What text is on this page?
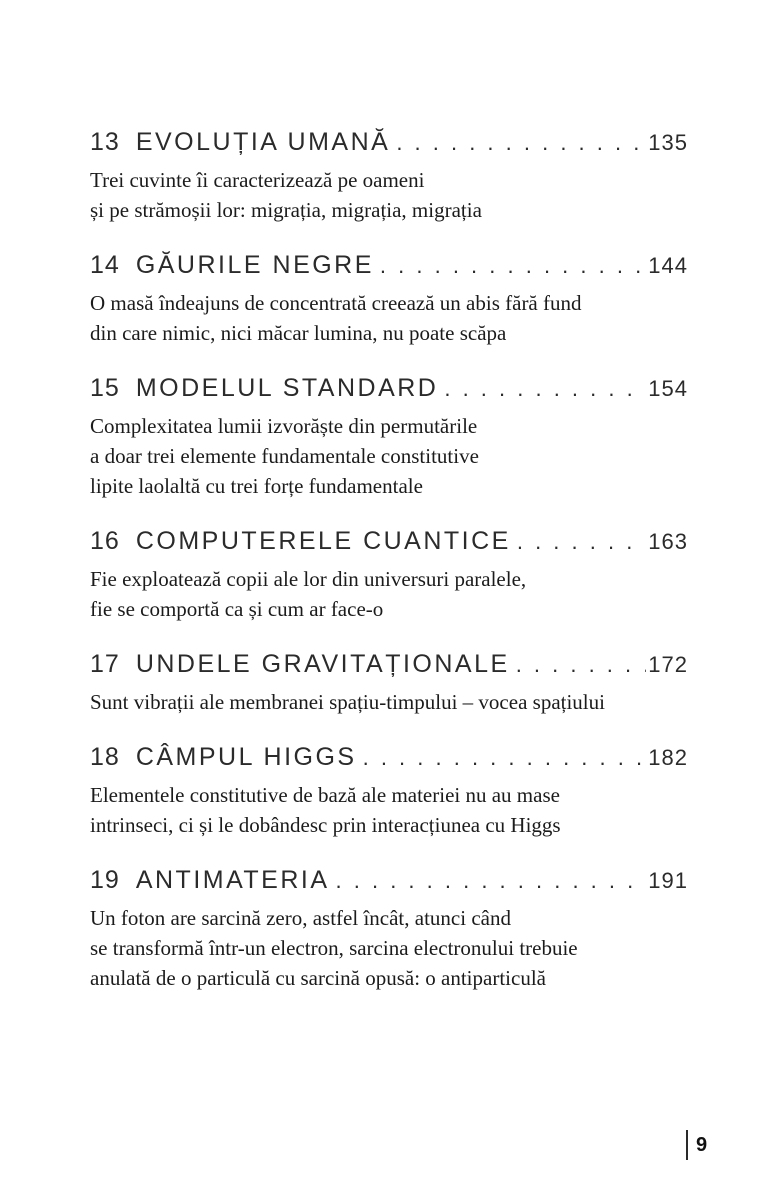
13 EVOLUȚIA UMANĂ . . .	135
Trei cuvinte îi caracterizează pe oameni
și pe strămoșii lor: migrația, migrația, migrația
14 GĂURILE NEGRE . . .	144
O masă îndeajuns de concentrată creează un abis fără fund
din care nimic, nici măcar lumina, nu poate scăpa
15 MODELUL STANDARD . . .	154
Complexitatea lumii izvorăște din permutările
a doar trei elemente fundamentale constitutive
lipite laolaltă cu trei forțe fundamentale
16 COMPUTERELE CUANTICE . . .	163
Fie exploatează copii ale lor din universuri paralele,
fie se comportă ca și cum ar face-o
17 UNDELE GRAVITAȚIONALE . . .	172
Sunt vibrații ale membranei spațiu-timpului – vocea spațiului
18 CÂMPUL HIGGS . . .	182
Elementele constitutive de bază ale materiei nu au mase
intrinseci, ci și le dobândesc prin interacțiunea cu Higgs
19 ANTIMATERIA . . .	191
Un foton are sarcină zero, astfel încât, atunci când
se transformă într-un electron, sarcina electronului trebuie
anulată de o particulă cu sarcină opusă: o antiparticulă
9
